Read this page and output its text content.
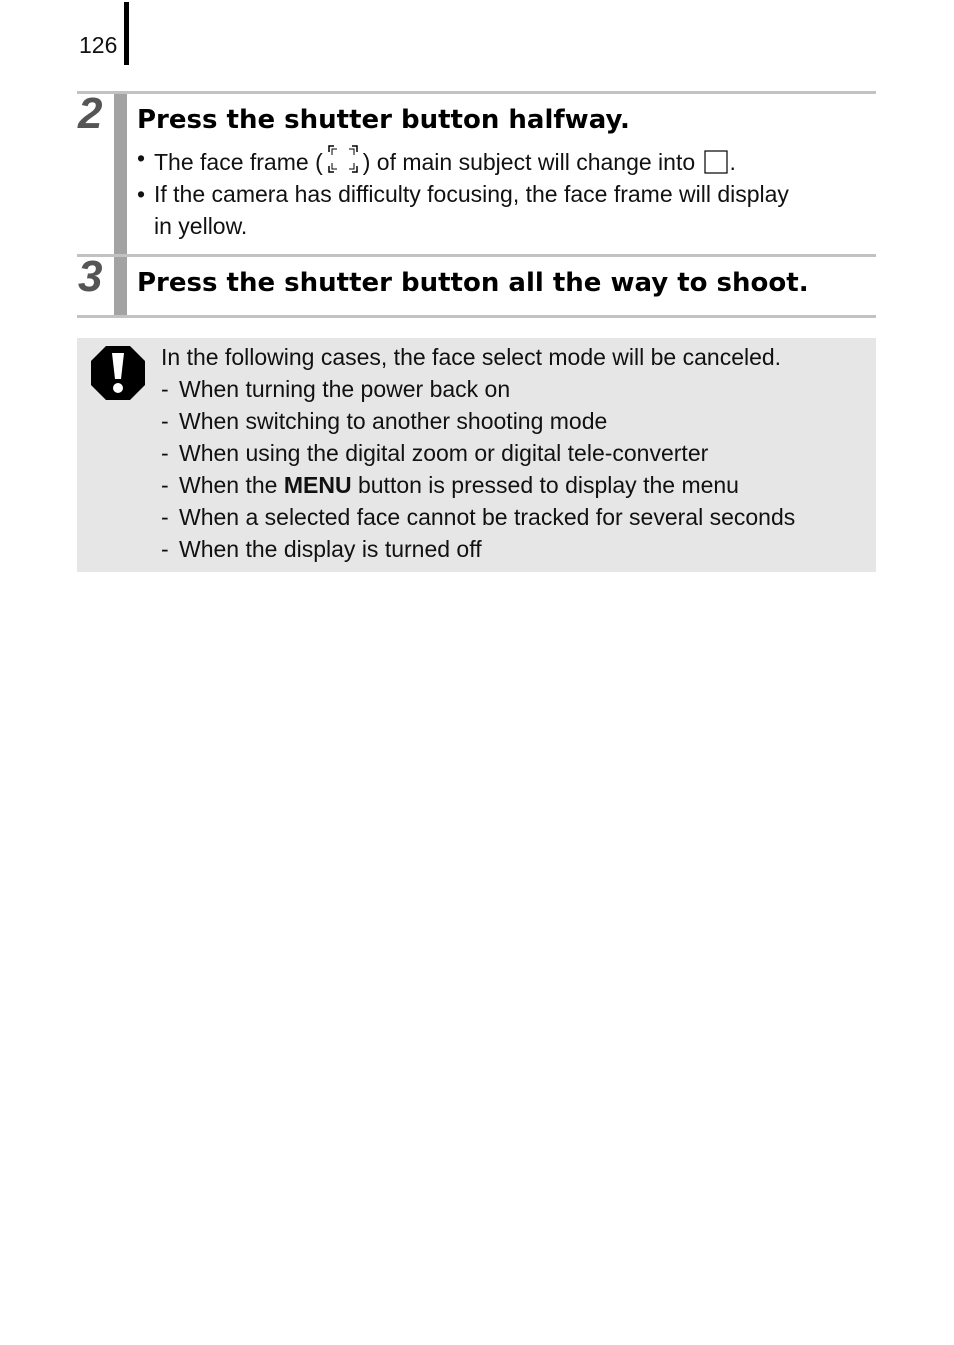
126
2	Press the shutter button halfway.
• The face frame ( ) of main subject will change into .
• If the camera has difficulty focusing, the face frame will display
in yellow.
3	Press the shutter button all the way to shoot.
In the following cases, the face select mode will be canceled.
- When turning the power back on
- When switching to another shooting mode
- When using the digital zoom or digital tele-converter
- When the MENU button is pressed to display the menu
- When a selected face cannot be tracked for several seconds
- When the display is turned off
